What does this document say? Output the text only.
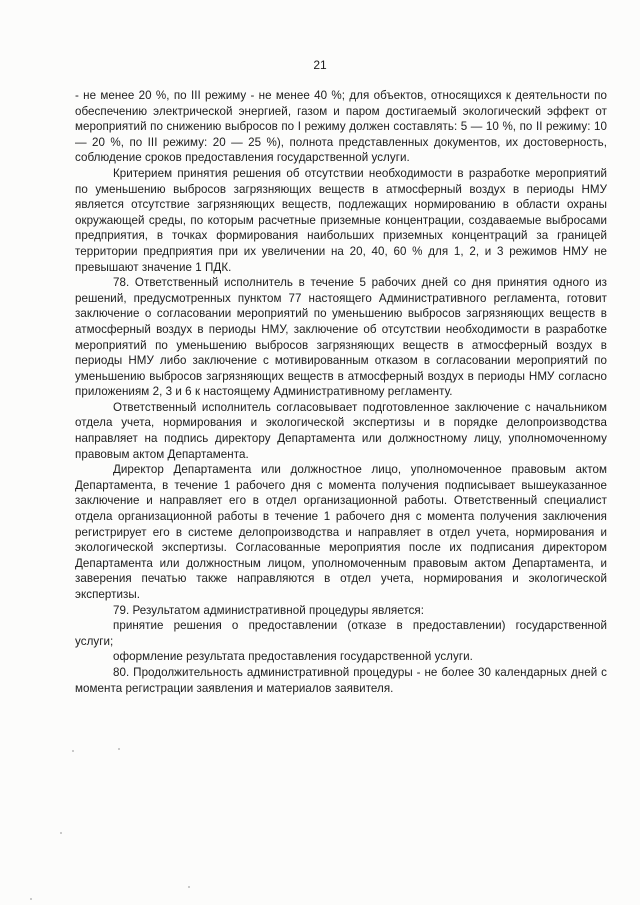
21

- не менее 20 %, по III режиму - не менее 40 %; для объектов, относящихся к деятельности по обеспечению электрической энергией, газом и паром достигаемый экологический эффект от мероприятий по снижению выбросов по I режиму должен составлять: 5 — 10 %, по II режиму: 10 — 20 %, по III режиму: 20 — 25 %), полнота представленных документов, их достоверность, соблюдение сроков предоставления государственной услуги.

Критерием принятия решения об отсутствии необходимости в разработке мероприятий по уменьшению выбросов загрязняющих веществ в атмосферный воздух в периоды НМУ является отсутствие загрязняющих веществ, подлежащих нормированию в области охраны окружающей среды, по которым расчетные приземные концентрации, создаваемые выбросами предприятия, в точках формирования наибольших приземных концентраций за границей территории предприятия при их увеличении на 20, 40, 60 % для 1, 2, и 3 режимов НМУ не превышают значение 1 ПДК.

78. Ответственный исполнитель в течение 5 рабочих дней со дня принятия одного из решений, предусмотренных пунктом 77 настоящего Административного регламента, готовит заключение о согласовании мероприятий по уменьшению выбросов загрязняющих веществ в атмосферный воздух в периоды НМУ, заключение об отсутствии необходимости в разработке мероприятий по уменьшению выбросов загрязняющих веществ в атмосферный воздух в периоды НМУ либо заключение с мотивированным отказом в согласовании мероприятий по уменьшению выбросов загрязняющих веществ в атмосферный воздух в периоды НМУ согласно приложениям 2, 3 и 6 к настоящему Административному регламенту.

Ответственный исполнитель согласовывает подготовленное заключение с начальником отдела учета, нормирования и экологической экспертизы и в порядке делопроизводства направляет на подпись директору Департамента или должностному лицу, уполномоченному правовым актом Департамента.

Директор Департамента или должностное лицо, уполномоченное правовым актом Департамента, в течение 1 рабочего дня с момента получения подписывает вышеуказанное заключение и направляет его в отдел организационной работы. Ответственный специалист отдела организационной работы в течение 1 рабочего дня с момента получения заключения регистрирует его в системе делопроизводства и направляет в отдел учета, нормирования и экологической экспертизы. Согласованные мероприятия после их подписания директором Департамента или должностным лицом, уполномоченным правовым актом Департамента, и заверения печатью также направляются в отдел учета, нормирования и экологической экспертизы.

79. Результатом административной процедуры является:

принятие решения о предоставлении (отказе в предоставлении) государственной услуги;

оформление результата предоставления государственной услуги.

80. Продолжительность административной процедуры - не более 30 календарных дней с момента регистрации заявления и материалов заявителя.
